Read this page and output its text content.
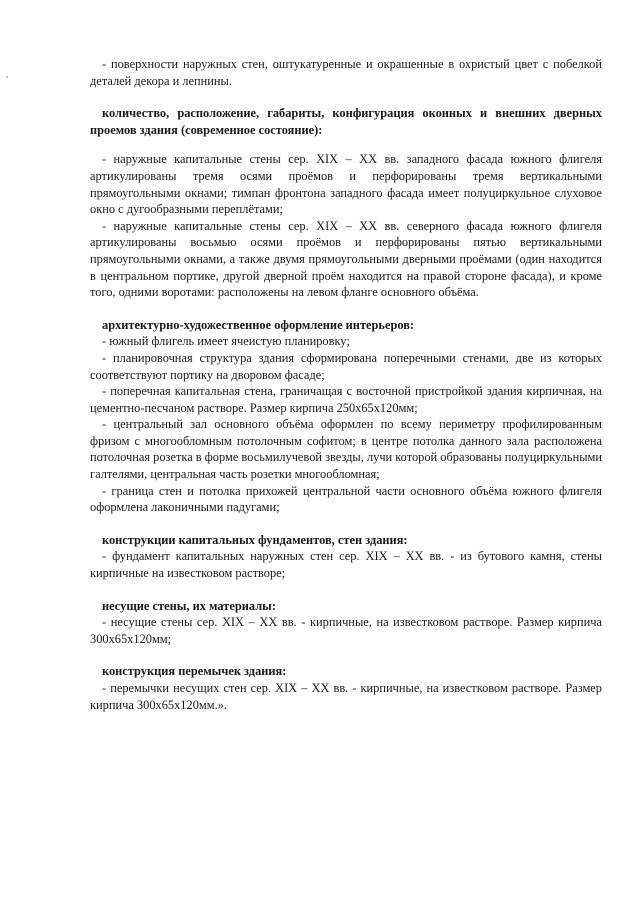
- поверхности наружных стен, оштукатуренные и окрашенные в охристый цвет с побелкой деталей декора и лепнины.

количество, расположение, габариты, конфигурация оконных и внешних дверных проемов здания (современное состояние):

- наружные капитальные стены сер. XIX – XX вв. западного фасада южного флигеля артикулированы тремя осями проёмов и перфорированы тремя вертикальными прямоугольными окнами; тимпан фронтона западного фасада имеет полуциркульное слуховое окно с дугообразными переплётами;

- наружные капитальные стены сер. XIX – XX вв. северного фасада южного флигеля артикулированы восьмью осями проёмов и перфорированы пятью вертикальными прямоугольными окнами, а также двумя прямоугольными дверными проёмами (один находится в центральном портике, другой дверной проём находится на правой стороне фасада), и кроме того, одними воротами: расположены на левом фланге основного объёма.

архитектурно-художественное оформление интерьеров:

- южный флигель имеет ячеистую планировку;

- планировочная структура здания сформирована поперечными стенами, две из которых соответствуют портику на дворовом фасаде;

- поперечная капитальная стена, граничащая с восточной пристройкой здания кирпичная, на цементно-песчаном растворе. Размер кирпича 250х65х120мм;

- центральный зал основного объёма оформлен по всему периметру профилированным фризом с многообломным потолочным софитом; в центре потолка данного зала расположена потолочная розетка в форме восьмилучевой звезды, лучи которой образованы полуциркульными галтелями, центральная часть розетки многообломная;

- граница стен и потолка прихожей центральной части основного объёма южного флигеля оформлена лаконичными падугами;

конструкции капитальных фундаментов, стен здания:

- фундамент капитальных наружных стен сер. XIX – XX вв. - из бутового камня, стены кирпичные на известковом растворе;

несущие стены, их материалы:

- несущие стены сер. XIX – XX вв. - кирпичные, на известковом растворе. Размер кирпича 300х65х120мм;

конструкция перемычек здания:

- перемычки несущих стен сер. XIX – XX вв. - кирпичные, на известковом растворе. Размер кирпича 300х65х120мм.».
